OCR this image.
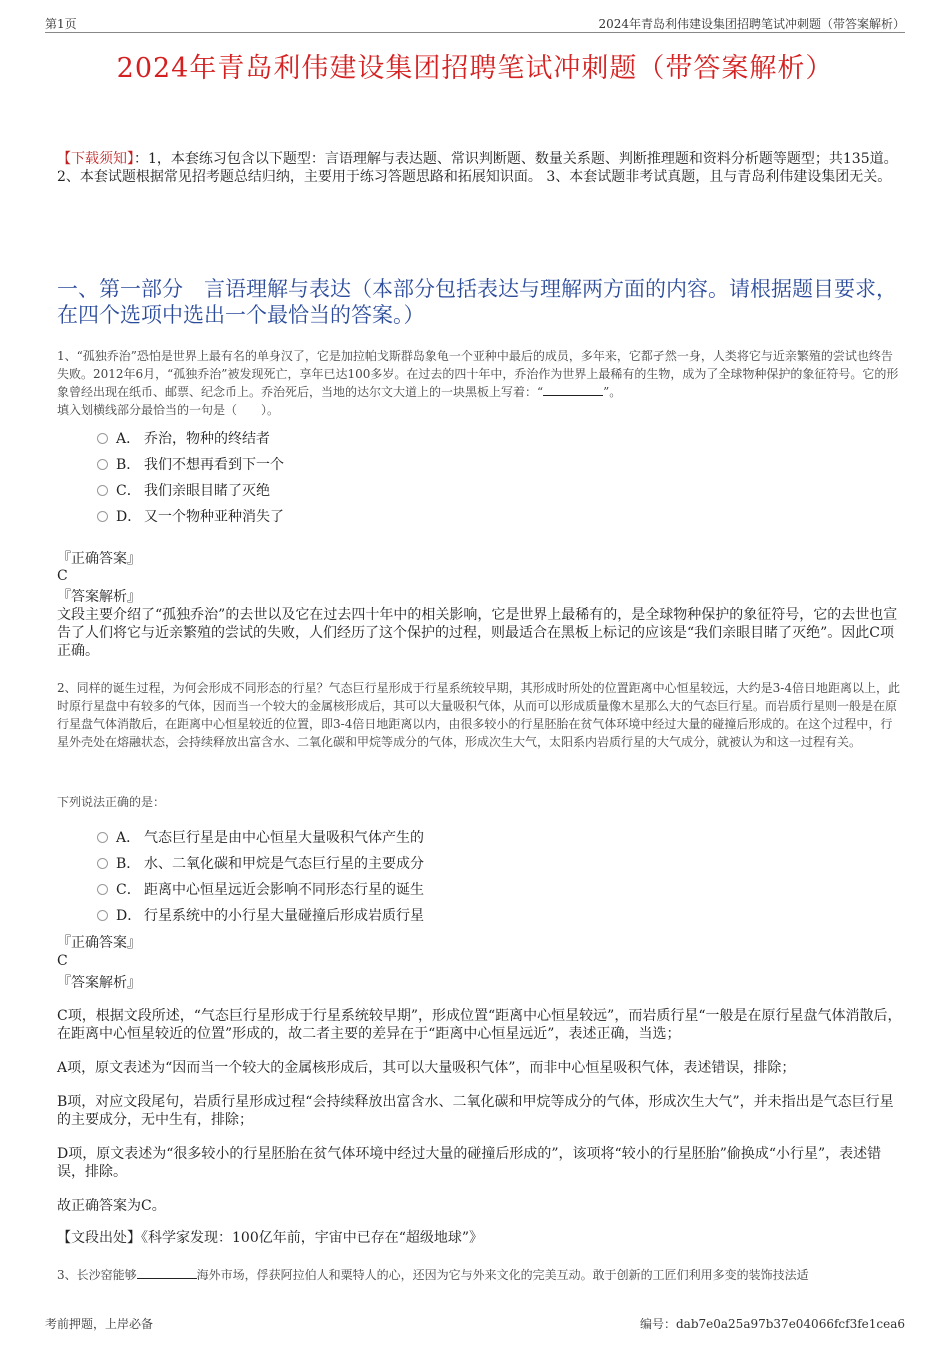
第1页	2024年青岛利伟建设集团招聘笔试冲刺题（带答案解析）
2024年青岛利伟建设集团招聘笔试冲刺题（带答案解析）
【下载须知】：1，本套练习包含以下题型：言语理解与表达题、常识判断题、数量关系题、判断推理题和资料分析题等题型；共135道。 2、本套试题根据常见招考题总结归纳，主要用于练习答题思路和拓展知识面。 3、本套试题非考试真题，且与青岛利伟建设集团无关。
一、第一部分　言语理解与表达（本部分包括表达与理解两方面的内容。请根据题目要求，在四个选项中选出一个最恰当的答案。）
1、“孤独乔治”恐怕是世界上最有名的单身汉了，它是加拉帕戈斯群岛象龟一个亚种中最后的成员，多年来，它都孑然一身，人类将它与近亲繁殖的尝试也终告失败。2012年6月，“孤独乔治”被发现死亡，享年已达100多岁。在过去的四十年中，乔治作为世界上最稀有的生物，成为了全球物种保护的象征符号。它的形象曾经出现在纸币、邮票、纪念币上。乔治死后，当地的达尔文大道上的一块黑板上写着：“	”。
填入划横线部分最恰当的一句是（　　）。
A． 乔治，物种的终结者
B． 我们不想再看到下一个
C． 我们亲眼目睹了灭绝
D． 又一个物种亚种消失了
『正确答案』
C
『答案解析』
文段主要介绍了“孤独乔治”的去世以及它在过去四十年中的相关影响，它是世界上最稀有的，是全球物种保护的象征符号，它的去世也宣告了人们将它与近亲繁殖的尝试的失败，人们经历了这个保护的过程，则最适合在黑板上标记的应该是“我们亲眼目睹了灭绝”。因此C项正确。
2、同样的诞生过程，为何会形成不同形态的行星？气态巨行星形成于行星系统较早期，其形成时所处的位置距离中心恒星较远，大约是3-4倍日地距离以上，此时原行星盘中有较多的气体，因而当一个较大的金属核形成后，其可以大量吸积气体，从而可以形成质量像木星那么大的气态巨行星。而岩质行星则一般是在原行星盘气体消散后，在距离中心恒星较近的位置，即3-4倍日地距离以内，由很多较小的行星胚胎在贫气体环境中经过大量的碰撞后形成的。在这个过程中，行星外壳处在熔融状态，会持续释放出富含水、二氧化碳和甲烷等成分的气体，形成次生大气，太阳系内岩质行星的大气成分，就被认为和这一过程有关。
下列说法正确的是：
A． 气态巨行星是由中心恒星大量吸积气体产生的
B． 水、二氧化碳和甲烷是气态巨行星的主要成分
C． 距离中心恒星远近会影响不同形态行星的诞生
D． 行星系统中的小行星大量碰撞后形成岩质行星
『正确答案』
C
『答案解析』
C项，根据文段所述，“气态巨行星形成于行星系统较早期”，形成位置“距离中心恒星较远”，而岩质行星“一般是在原行星盘气体消散后，在距离中心恒星较近的位置”形成的，故二者主要的差异在于“距离中心恒星远近”，表述正确，当选；
A项，原文表述为“因而当一个较大的金属核形成后，其可以大量吸积气体”，而非中心恒星吸积气体，表述错误，排除；
B项，对应文段尾句，岩质行星形成过程“会持续释放出富含水、二氧化碳和甲烷等成分的气体，形成次生大气”，并未指出是气态巨行星的主要成分，无中生有，排除；
D项，原文表述为“很多较小的行星胚胎在贫气体环境中经过大量的碰撞后形成的”，该项将“较小的行星胚胎”偷换成“小行星”，表述错误，排除。
故正确答案为C。
【文段出处】《科学家发现：100亿年前，宇宙中已存在“超级地球”》
3、长沙窑能够	海外市场，俘获阿拉伯人和粟特人的心，还因为它与外来文化的完美互动。敢于创新的工匠们利用多变的装饰技法适
考前押题，上岸必备	编号：dab7e0a25a97b37e04066fcf3fe1cea6
